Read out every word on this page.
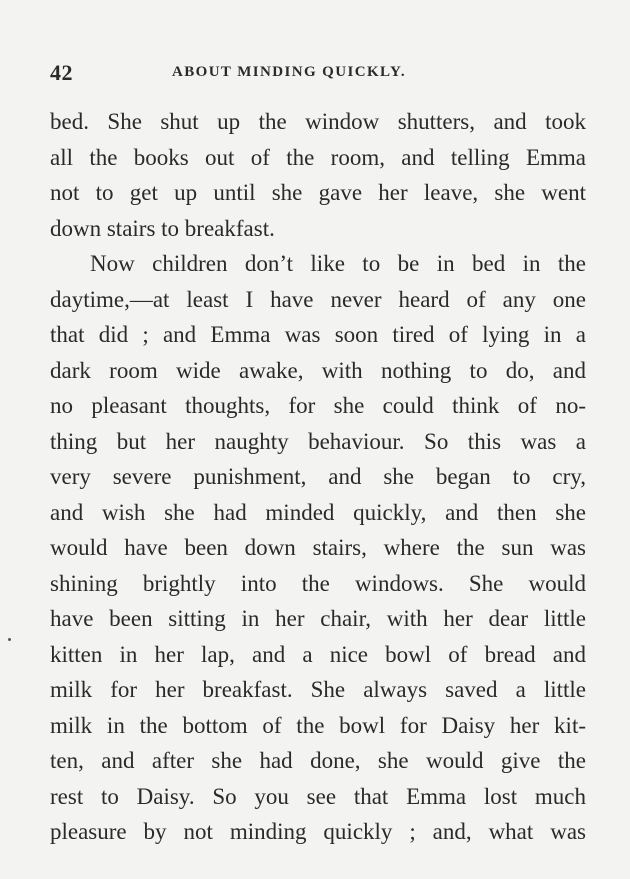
42	ABOUT MINDING QUICKLY.
bed. She shut up the window shutters, and took
all the books out of the room, and telling Emma
not to get up until she gave her leave, she went
down stairs to breakfast.
Now children don’t like to be in bed in the
daytime,—at least I have never heard of any one
that did ; and Emma was soon tired of lying in a
dark room wide awake, with nothing to do, and
no pleasant thoughts, for she could think of no-
thing but her naughty behaviour. So this was a
very severe punishment, and she began to cry,
and wish she had minded quickly, and then she
would have been down stairs, where the sun was
shining brightly into the windows. She would
have been sitting in her chair, with her dear little
kitten in her lap, and a nice bowl of bread and
milk for her breakfast. She always saved a little
milk in the bottom of the bowl for Daisy her kit-
ten, and after she had done, she would give the
rest to Daisy. So you see that Emma lost much
pleasure by not minding quickly ; and, what was
